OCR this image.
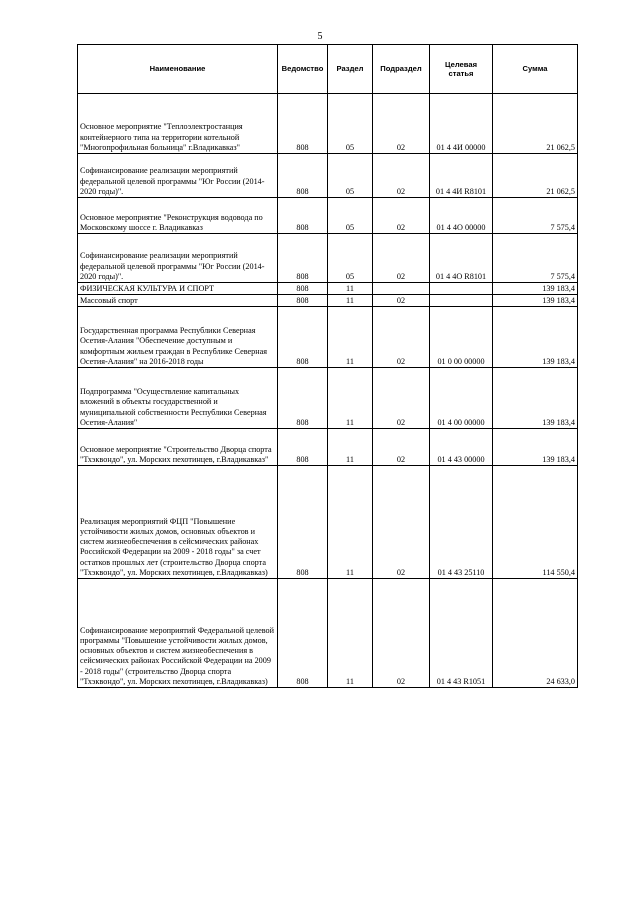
5
Наименование	Ведомство	Раздел	Подраздел	Целевая статья	Сумма
Основное мероприятие "Теплоэлектростанция контейнерного типа на территории котельной "Многопрофильная больница" г.Владикавказ"	808	05	02	01 4 4И 00000	21 062,5
Софинансирование реализации мероприятий федеральной целевой программы "Юг России (2014-2020 годы)".	808	05	02	01 4 4И R8101	21 062,5
Основное мероприятие "Реконструкция водовода по Московскому шоссе г. Владикавказ	808	05	02	01 4 4О 00000	7 575,4
Софинансирование реализации мероприятий федеральной целевой программы "Юг России (2014-2020 годы)".	808	05	02	01 4 4О R8101	7 575,4
ФИЗИЧЕСКАЯ КУЛЬТУРА И СПОРТ	808	11			139 183,4
Массовый спорт	808	11	02		139 183,4
Государственная программа Республики Северная Осетия-Алания "Обеспечение доступным и комфортным жильем граждан в Республике Северная Осетия-Алания" на 2016-2018 годы	808	11	02	01 0 00 00000	139 183,4
Подпрограмма "Осуществление капитальных вложений в объекты государственной и муниципальной собственности Республики Северная Осетия-Алания"	808	11	02	01 4 00 00000	139 183,4
Основное мероприятие "Строительство Дворца спорта "Тхэквондо", ул. Морских пехотинцев, г.Владикавказ"	808	11	02	01 4 43 00000	139 183,4
Реализация мероприятий ФЦП "Повышение устойчивости жилых домов, основных объектов и систем жизнеобеспечения в сейсмических районах Российской Федерации на 2009 - 2018 годы" за счет остатков прошлых лет (строительство Дворца спорта "Тхэквондо", ул. Морских пехотинцев, г.Владикавказ)	808	11	02	01 4 43 25110	114 550,4
Софинансирование мероприятий Федеральной целевой программы "Повышение устойчивости жилых домов, основных объектов и систем жизнеобеспечения в сейсмических районах Российской Федерации на 2009 - 2018 годы" (строительство Дворца спорта "Тхэквондо", ул. Морских пехотинцев, г.Владикавказ)	808	11	02	01 4 43 R1051	24 633,0
